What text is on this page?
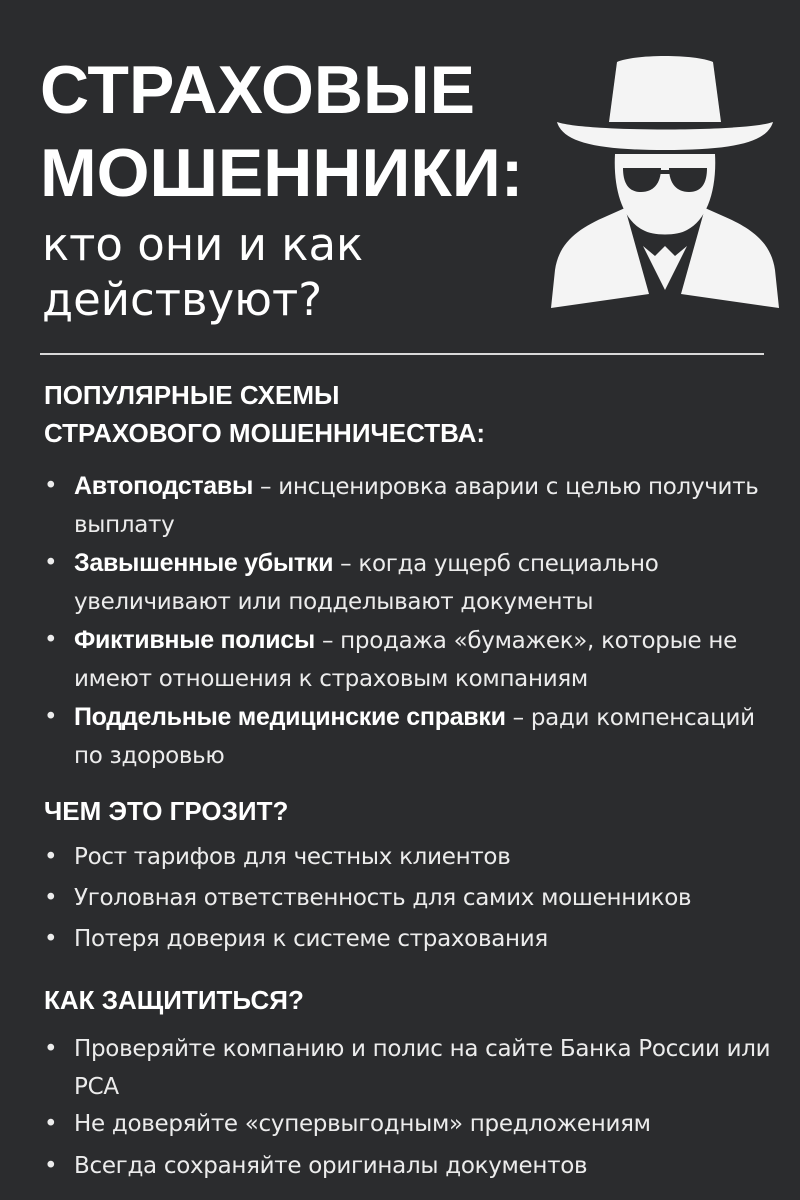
СТРАХОВЫЕ
МОШЕННИКИ:
кто они и как
действуют?
ПОПУЛЯРНЫЕ СХЕМЫ
СТРАХОВОГО МОШЕННИЧЕСТВА:
• Автоподставы – инсценировка аварии с целью получить выплату
• Завышенные убытки – когда ущерб специально увеличивают или подделывают документы
• Фиктивные полисы – продажа «бумажек», которые не имеют отношения к страховым компаниям
• Поддельные медицинские справки – ради компенсаций по здоровью
ЧЕМ ЭТО ГРОЗИТ?
• Рост тарифов для честных клиентов
• Уголовная ответственность для самих мошенников
• Потеря доверия к системе страхования
КАК ЗАЩИТИТЬСЯ?
• Проверяйте компанию и полис на сайте Банка России или РСА
• Не доверяйте «супервыгодным» предложениям
• Всегда сохраняйте оригиналы документов
